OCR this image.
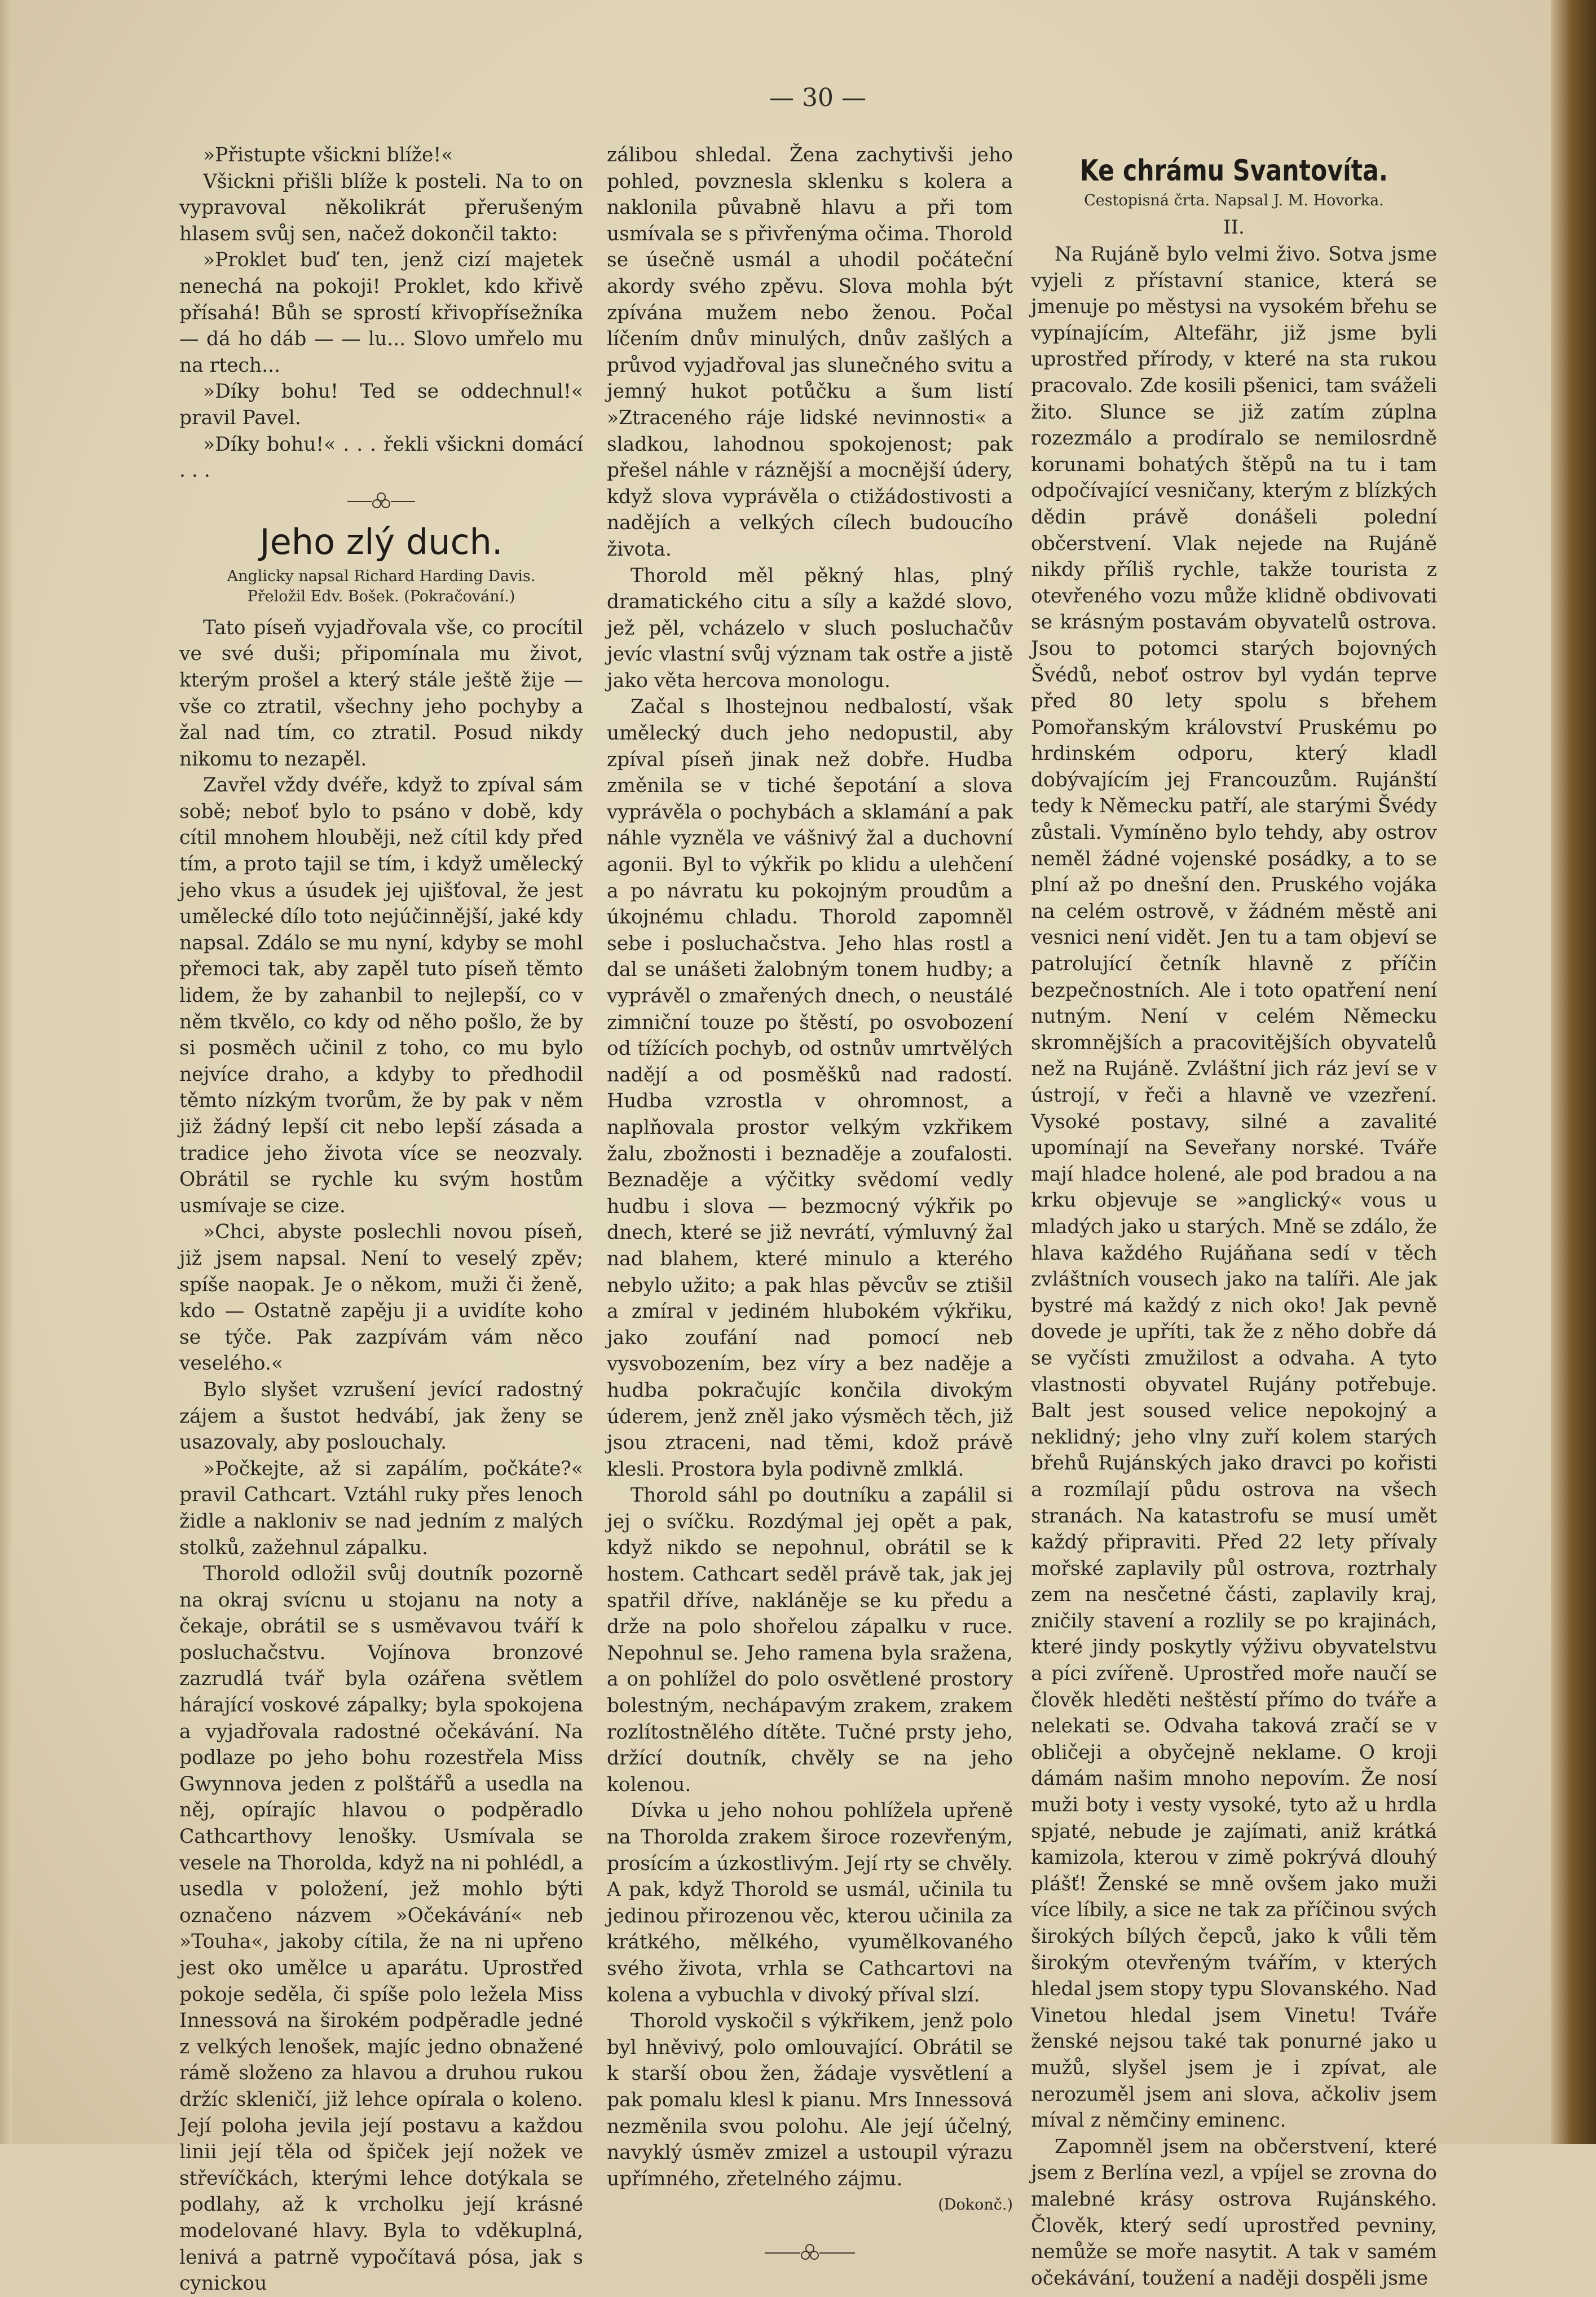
— 30 —

»Přistupte všickni blíže!«

Všickni přišli blíže k posteli. Na to on vypravoval několikrát přerušeným hlasem svůj sen, načež dokončil takto:

»Proklet buď ten, jenž cizí majetek nenechá na pokoji! Proklet, kdo křivě přísahá! Bůh se sprostí křivopřísežníka — dá ho dáb — — lu... Slovo umřelo mu na rtech...

»Díky bohu! Ted se oddechnul!« pravil Pavel.

»Díky bohu!« . . . řekli všickni domácí . . .

Jeho zlý duch.
Anglicky napsal Richard Harding Davis.
Přeložil Edv. Bošek. (Pokračování.)

Tato píseň vyjadřovala vše, co procítil ve své duši; připomínala mu život, kterým prošel a který stále ještě žije — vše co ztratil, všechny jeho pochyby a žal nad tím, co ztratil. Posud nikdy nikomu to nezapěl.

Zavřel vždy dvéře, když to zpíval sám sobě; neboť bylo to psáno v době, kdy cítil mnohem hlouběji, než cítil kdy před tím, a proto tajil se tím, i když umělecký jeho vkus a úsudek jej ujišťoval, že jest umělecké dílo toto nejúčinnější, jaké kdy napsal. Zdálo se mu nyní, kdyby se mohl přemoci tak, aby zapěl tuto píseň těmto lidem, že by zahanbil to nejlepší, co v něm tkvělo, co kdy od něho pošlo, že by si posměch učinil z toho, co mu bylo nejvíce draho, a kdyby to předhodil těmto nízkým tvorům, že by pak v něm již žádný lepší cit nebo lepší zásada a tradice jeho života více se neozvaly. Obrátil se rychle ku svým hostům usmívaje se cize.

»Chci, abyste poslechli novou píseň, již jsem napsal. Není to veselý zpěv; spíše naopak. Je o někom, muži či ženě, kdo — Ostatně zapěju ji a uvidíte koho se týče. Pak zazpívám vám něco veselého.«

Bylo slyšet vzrušení jevící radostný zájem a šustot hedvábí, jak ženy se usazovaly, aby poslouchaly.

»Počkejte, až si zapálím, počkáte?« pravil Cathcart. Vztáhl ruky přes lenoch židle a nakloniv se nad jedním z malých stolků, zažehnul zápalku.

Thorold odložil svůj doutník pozorně na okraj svícnu u stojanu na noty a čekaje, obrátil se s usměvavou tváří k posluchačstvu. Vojínova bronzové zazrudlá tvář byla ozářena světlem hárající voskové zápalky; byla spokojena a vyjadřovala radostné očekávání. Na podlaze po jeho bohu rozestřela Miss Gwynnova jeden z polštářů a usedla na něj, opírajíc hlavou o podpěradlo Cathcarthovy lenošky. Usmívala se vesele na Thorolda, když na ni pohlédl, a usedla v položení, jež mohlo býti označeno názvem »Očekávání« neb »Touha«, jakoby cítila, že na ni upřeno jest oko umělce u aparátu. Uprostřed pokoje seděla, či spíše polo ležela Miss Innessová na širokém podpěradle jedné z velkých lenošek, majíc jedno obnažené rámě složeno za hlavou a druhou rukou držíc skleničí, již lehce opírala o koleno. Její poloha jevila její postavu a každou linii její těla od špiček její nožek ve střevíčkách, kterými lehce dotýkala se podlahy, až k vrcholku její krásné modelované hlavy. Byla to vděkuplná, lenivá a patrně vypočítavá pósa, jak s cynickou

zálibou shledal. Žena zachytivši jeho pohled, povznesla sklenku s kolera a naklonila půvabně hlavu a při tom usmívala se s přivřenýma očima. Thorold se úsečně usmál a uhodil počáteční akordy svého zpěvu. Slova mohla být zpívána mužem nebo ženou. Počal líčením dnův minulých, dnův zašlých a průvod vyjadřoval jas slunečného svitu a jemný hukot potůčku a šum listí »Ztraceného ráje lidské nevinnosti« a sladkou, lahodnou spokojenost; pak přešel náhle v ráznější a mocnější údery, když slova vyprávěla o ctižádostivosti a nadějích a velkých cílech budoucího života.

Thorold měl pěkný hlas, plný dramatického citu a síly a každé slovo, jež pěl, vcházelo v sluch posluchačův jevíc vlastní svůj význam tak ostře a jistě jako věta hercova monologu.

Začal s lhostejnou nedbalostí, však umělecký duch jeho nedopustil, aby zpíval píseň jinak než dobře. Hudba změnila se v tiché šepotání a slova vyprávěla o pochybách a sklamání a pak náhle vyzněla ve vášnivý žal a duchovní agonii. Byl to výkřik po klidu a ulehčení a po návratu ku pokojným proudům a úkojnému chladu. Thorold zapomněl sebe i posluchačstva. Jeho hlas rostl a dal se unášeti žalobným tonem hudby; a vyprávěl o zmařených dnech, o neustálé zimniční touze po štěstí, po osvobození od tížících pochyb, od ostnův umrtvělých nadějí a od posměšků nad radostí. Hudba vzrostla v ohromnost, a naplňovala prostor velkým vzkřikem žalu, zbožnosti i beznaděje a zoufalosti. Beznaděje a výčitky svědomí vedly hudbu i slova — bezmocný výkřik po dnech, které se již nevrátí, výmluvný žal nad blahem, které minulo a kterého nebylo užito; a pak hlas pěvcův se ztišil a zmíral v jediném hlubokém výkřiku, jako zoufání nad pomocí neb vysvobozením, bez víry a bez naděje a hudba pokračujíc končila divokým úderem, jenž zněl jako výsměch těch, již jsou ztraceni, nad těmi, kdož právě klesli. Prostora byla podivně zmlklá.

Thorold sáhl po doutníku a zapálil si jej o svíčku. Rozdýmal jej opět a pak, když nikdo se nepohnul, obrátil se k hostem. Cathcart seděl právě tak, jak jej spatřil dříve, nakláněje se ku předu a drže na polo shořelou zápalku v ruce. Nepohnul se. Jeho ramena byla sražena, a on pohlížel do polo osvětlené prostory bolestným, nechápavým zrakem, zrakem rozlítostnělého dítěte. Tučné prsty jeho, držící doutník, chvěly se na jeho kolenou.

Dívka u jeho nohou pohlížela upřeně na Thorolda zrakem široce rozevřeným, prosícím a úzkostlivým. Její rty se chvěly. A pak, když Thorold se usmál, učinila tu jedinou přirozenou věc, kterou učinila za krátkého, mělkého, vyumělkovaného svého života, vrhla se Cathcartovi na kolena a vybuchla v divoký příval slzí.

Thorold vyskočil s výkřikem, jenž polo byl hněvivý, polo omlouvající. Obrátil se k starší obou žen, žádaje vysvětlení a pak pomalu klesl k pianu. Mrs Innessová nezměnila svou polohu. Ale její účelný, navyklý úsměv zmizel a ustoupil výrazu upřímného, zřetelného zájmu.

(Dokonč.)
Ke chrámu Svantovíta.
Cestopisná črta. Napsal J. M. Hovorka.
II.

Na Rujáně bylo velmi živo. Sotva jsme vyjeli z přístavní stanice, která se jmenuje po městysi na vysokém břehu se vypínajícím, Altefähr, již jsme byli uprostřed přírody, v které na sta rukou pracovalo. Zde kosili pšenici, tam sváželi žito. Slunce se již zatím zúplna rozezmálo a prodíralo se nemilosrdně korunami bohatých štěpů na tu i tam odpočívající vesničany, kterým z blízkých dědin právě donášeli polední občerstvení. Vlak nejede na Rujáně nikdy příliš rychle, takže tourista z otevřeného vozu může klidně obdivovati se krásným postavám obyvatelů ostrova. Jsou to potomci starých bojovných Švédů, neboť ostrov byl vydán teprve před 80 lety spolu s břehem Pomořanským království Pruskému po hrdinském odporu, který kladl dobývajícím jej Francouzům. Rujánští tedy k Německu patří, ale starými Švédy zůstali. Vymíněno bylo tehdy, aby ostrov neměl žádné vojenské posádky, a to se plní až po dnešní den. Pruského vojáka na celém ostrově, v žádném městě ani vesnici není vidět. Jen tu a tam objeví se patrolující četník hlavně z příčin bezpečnostních. Ale i toto opatření není nutným. Není v celém Německu skromnějších a pracovitějších obyvatelů než na Rujáně. Zvláštní jich ráz jeví se v ústrojí, v řeči a hlavně ve vzezření. Vysoké postavy, silné a zavalité upomínají na Seveřany norské. Tváře mají hladce holené, ale pod bradou a na krku objevuje se »anglický« vous u mladých jako u starých. Mně se zdálo, že hlava každého Rujáňana sedí v těch zvláštních vousech jako na talíři. Ale jak bystré má každý z nich oko! Jak pevně dovede je upříti, tak že z něho dobře dá se vyčísti zmužilost a odvaha. A tyto vlastnosti obyvatel Rujány potřebuje. Balt jest soused velice nepokojný a neklidný; jeho vlny zuří kolem starých břehů Rujánských jako dravci po kořisti a rozmílají půdu ostrova na všech stranách. Na katastrofu se musí umět každý připraviti. Před 22 lety přívaly mořské zaplavily půl ostrova, roztrhaly zem na nesčetné části, zaplavily kraj, zničily stavení a rozlily se po krajinách, které jindy poskytly výživu obyvatelstvu a píci zvířeně. Uprostřed moře naučí se člověk hleděti neštěstí přímo do tváře a nelekati se. Odvaha taková zračí se v obličeji a obyčejně neklame. O kroji dámám našim mnoho nepovím. Že nosí muži boty i vesty vysoké, tyto až u hrdla spjaté, nebude je zajímati, aniž krátká kamizola, kterou v zimě pokrývá dlouhý plášť! Ženské se mně ovšem jako muži více líbily, a sice ne tak za příčinou svých širokých bílých čepců, jako k vůli těm širokým otevřeným tvářím, v kterých hledal jsem stopy typu Slovanského. Nad Vinetou hledal jsem Vinetu! Tváře ženské nejsou také tak ponurné jako u mužů, slyšel jsem je i zpívat, ale nerozuměl jsem ani slova, ačkoliv jsem míval z němčiny eminenc.

Zapomněl jsem na občerstvení, které jsem z Berlína vezl, a vpíjel se zrovna do malebné krásy ostrova Rujánského. Člověk, který sedí uprostřed pevniny, nemůže se moře nasytit. A tak v samém očekávání, toužení a naději dospěli jsme
